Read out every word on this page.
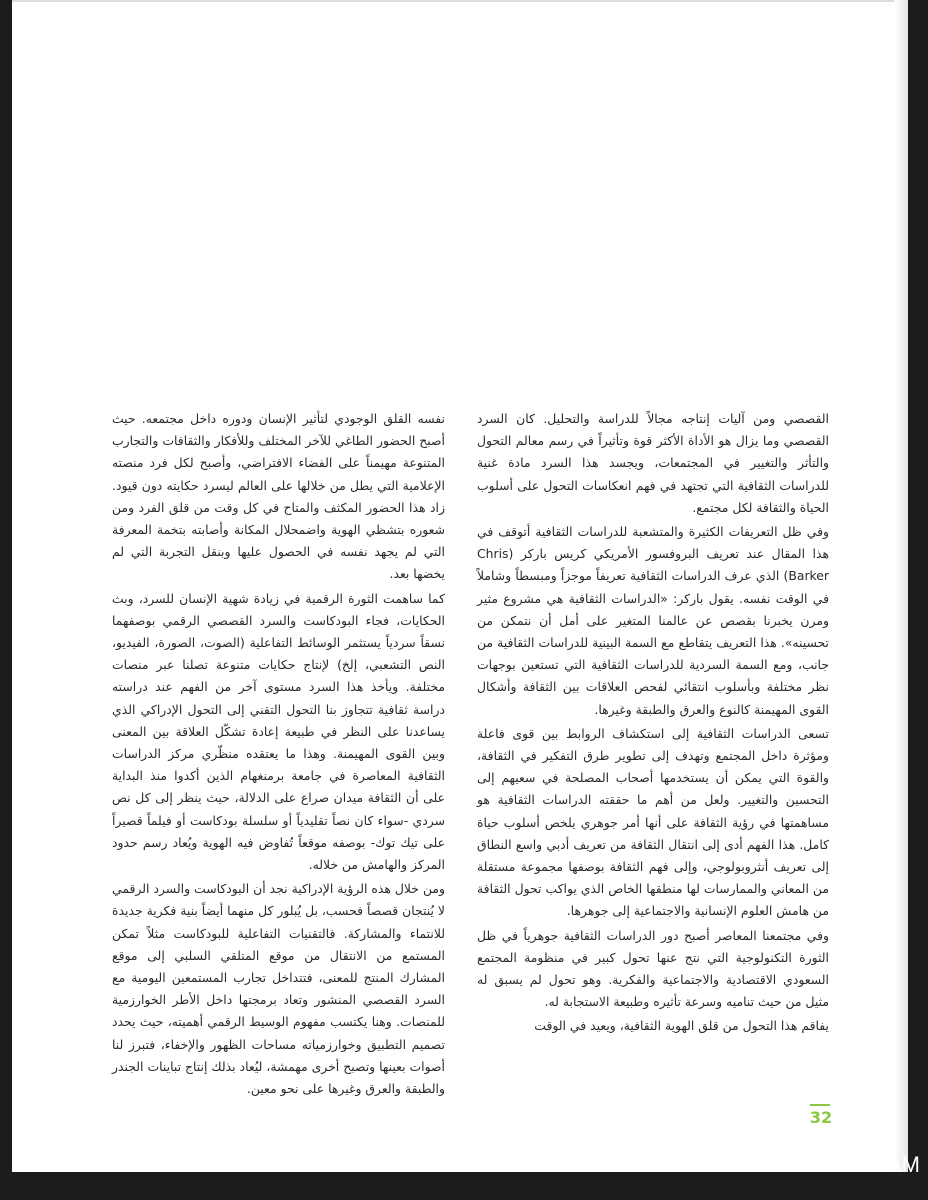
القصصي ومن آليات إنتاجه مجالاً للدراسة والتحليل. كان السرد القصصي وما يزال هو الأداة الأكثر قوة وتأثيراً في رسم معالم التحول والتأثر والتغيير في المجتمعات، ويجسد هذا السرد مادة غنية للدراسات الثقافية التي تجتهد في فهم انعكاسات التحول على أسلوب الحياة والثقافة لكل مجتمع.

وفي ظل التعريفات الكثيرة والمتشعبة للدراسات الثقافية أتوقف في هذا المقال عند تعريف البروفسور الأمريكي كريس باركر (Chris Barker) الذي عرف الدراسات الثقافية تعريفاً موجزاً ومبسطاً وشاملاً في الوقت نفسه. يقول باركر: «الدراسات الثقافية هي مشروع مثير ومرن يخبرنا بقصص عن عالمنا المتغير على أمل أن نتمكن من تحسينه». هذا التعريف يتقاطع مع السمة البينية للدراسات الثقافية من جانب، ومع السمة السردية للدراسات الثقافية التي تستعين بوجهات نظر مختلفة وبأسلوب انتقائي لفحص العلاقات بين الثقافة وأشكال القوى المهيمنة كالنوع والعرق والطبقة وغيرها.

تسعى الدراسات الثقافية إلى استكشاف الروابط بين قوى فاعلة ومؤثرة داخل المجتمع وتهدف إلى تطوير طرق التفكير في الثقافة، والقوة التي يمكن أن يستخدمها أصحاب المصلحة في سعيهم إلى التحسين والتغيير. ولعل من أهم ما حققته الدراسات الثقافية هو مساهمتها في رؤية الثقافة على أنها أمر جوهري يلخص أسلوب حياة كامل. هذا الفهم أدى إلى انتقال الثقافة من تعريف أدبي واسع النطاق إلى تعريف أنثروبولوجي، وإلى فهم الثقافة بوصفها مجموعة مستقلة من المعاني والممارسات لها منطقها الخاص الذي يواكب تحول الثقافة من هامش العلوم الإنسانية والاجتماعية إلى جوهرها.

وفي مجتمعنا المعاصر أصبح دور الدراسات الثقافية جوهرياً في ظل الثورة التكنولوجية التي نتج عنها تحول كبير في منظومة المجتمع السعودي الاقتصادية والاجتماعية والفكرية. وهو تحول لم يسبق له مثيل من حيث تناميه وسرعة تأثيره وطبيعة الاستجابة له.

يفاقم هذا التحول من قلق الهوية الثقافية، ويعيد في الوقت

نفسه القلق الوجودي لتأثير الإنسان ودوره داخل مجتمعه. حيث أصبح الحضور الطاغي للآخر المختلف وللأفكار والثقافات والتجارب المتنوعة مهيمناً على الفضاء الافتراضي، وأصبح لكل فرد منصته الإعلامية التي يطل من خلالها على العالم ليسرد حكايته دون قيود. زاد هذا الحضور المكثف والمتاح في كل وقت من قلق الفرد ومن شعوره بتشظي الهوية واضمحلال المكانة وأصابته بتخمة المعرفة التي لم يجهد نفسه في الحصول عليها وبنقل التجربة التي لم يخضها بعد.

كما ساهمت الثورة الرقمية في زيادة شهية الإنسان للسرد، وبث الحكايات، فجاء البودكاست والسرد القصصي الرقمي بوصفهما نسقاً سردياً يستثمر الوسائط التفاعلية (الصوت، الصورة، الفيديو، النص التشعبي، إلخ) لإنتاج حكايات متنوعة تصلنا عبر منصات مختلفة. ويأخذ هذا السرد مستوى آخر من الفهم عند دراسته دراسة ثقافية تتجاوز بنا التحول التقني إلى التحول الإدراكي الذي يساعدنا على النظر في طبيعة إعادة تشكّل العلاقة بين المعنى وبين القوى المهيمنة. وهذا ما يعتقده منظّري مركز الدراسات الثقافية المعاصرة في جامعة برمنغهام الذين أكدوا منذ البداية على أن الثقافة ميدان صراع على الدلالة، حيث ينظر إلى كل نص سردي -سواء كان نصاً تقليدياً أو سلسلة بودكاست أو فيلماً قصيراً على تيك توك- بوصفه موقعاً تُفاوض فيه الهوية ويُعاد رسم حدود المركز والهامش من خلاله.

ومن خلال هذه الرؤية الإدراكية نجد أن البودكاست والسرد الرقمي لا يُنتجان قصصاً فحسب، بل يُبلور كل منهما أيضاً بنية فكرية جديدة للانتماء والمشاركة. فالتقنيات التفاعلية للبودكاست مثلاً تمكن المستمع من الانتقال من موقع المتلقي السلبي إلى موقع المشارك المنتج للمعنى، فتتداخل تجارب المستمعين اليومية مع السرد القصصي المنشور وتعاد برمجتها داخل الأطر الخوارزمية للمنصات. وهنا يكتسب مفهوم الوسيط الرقمي أهميته، حيث يحدد تصميم التطبيق وخوارزمياته مساحات الظهور والإخفاء، فتبرز لنا أصوات بعينها وتصبح أخرى مهمشة، ليُعاد بذلك إنتاج تباينات الجندر والطبقة والعرق وغيرها على نحو معين.

32
8:10 AM
